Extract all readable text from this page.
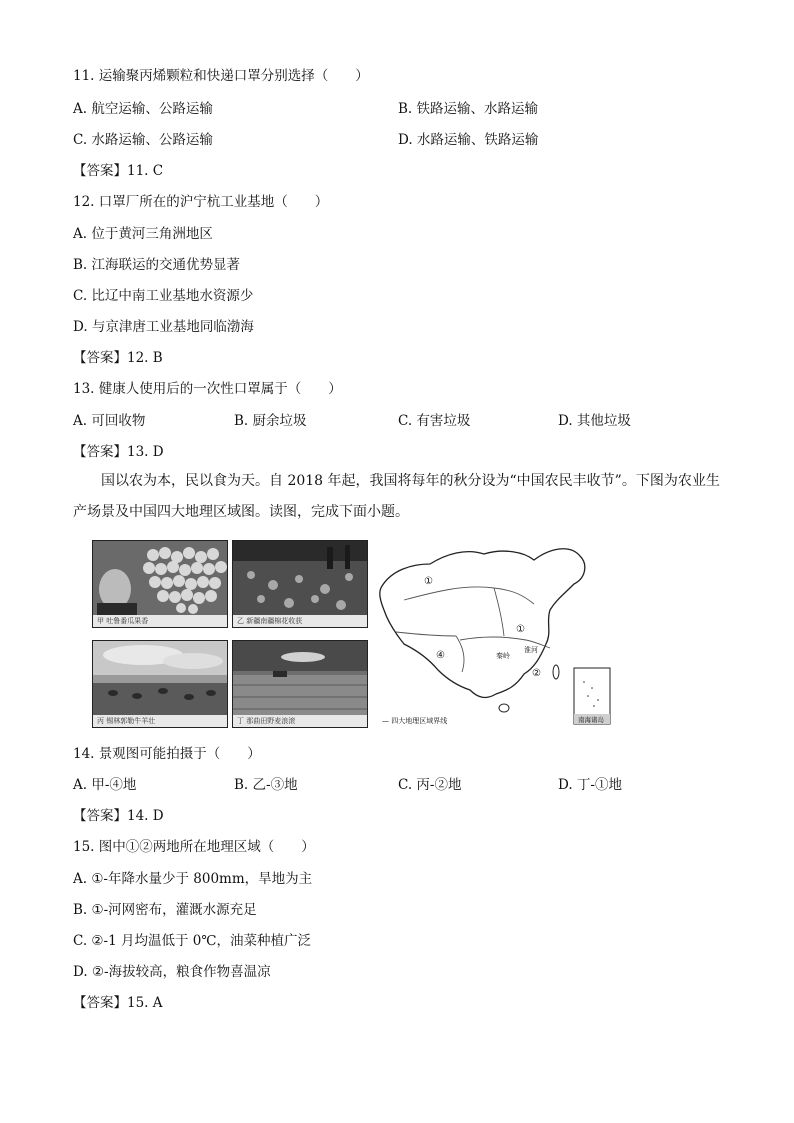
11. 运输聚丙烯颗粒和快递口罩分别选择（　　）
A. 航空运输、公路运输	B. 铁路运输、水路运输
C. 水路运输、公路运输	D. 水路运输、铁路运输
【答案】11. C
12. 口罩厂所在的沪宁杭工业基地（　　）
A. 位于黄河三角洲地区
B. 江海联运的交通优势显著
C. 比辽中南工业基地水资源少
D. 与京津唐工业基地同临渤海
【答案】12. B
13. 健康人使用后的一次性口罩属于（　　）
A. 可回收物	B. 厨余垃圾	C. 有害垃圾	D. 其他垃圾
【答案】13. D
国以农为本，民以食为天。自 2018 年起，我国将每年的秋分设为“中国农民丰收节”。下图为农业生产场景及中国四大地理区域图。读图，完成下面小题。
甲 吐鲁番瓜果香	乙 新疆南疆棉花收获
丙 锡林郭勒牛羊壮	丁 那曲田野麦浪滚
①
①
秦岭
淮河
④
②
— 四大地理区域界线	南海诸岛
14. 景观图可能拍摄于（　　）
A. 甲-④地	B. 乙-③地	C. 丙-②地	D. 丁-①地
【答案】14. D
15. 图中①②两地所在地理区域（　　）
A. ①-年降水量少于 800mm，旱地为主
B. ①-河网密布，灌溉水源充足
C. ②-1 月均温低于 0℃，油菜种植广泛
D. ②-海拔较高，粮食作物喜温凉
【答案】15. A
